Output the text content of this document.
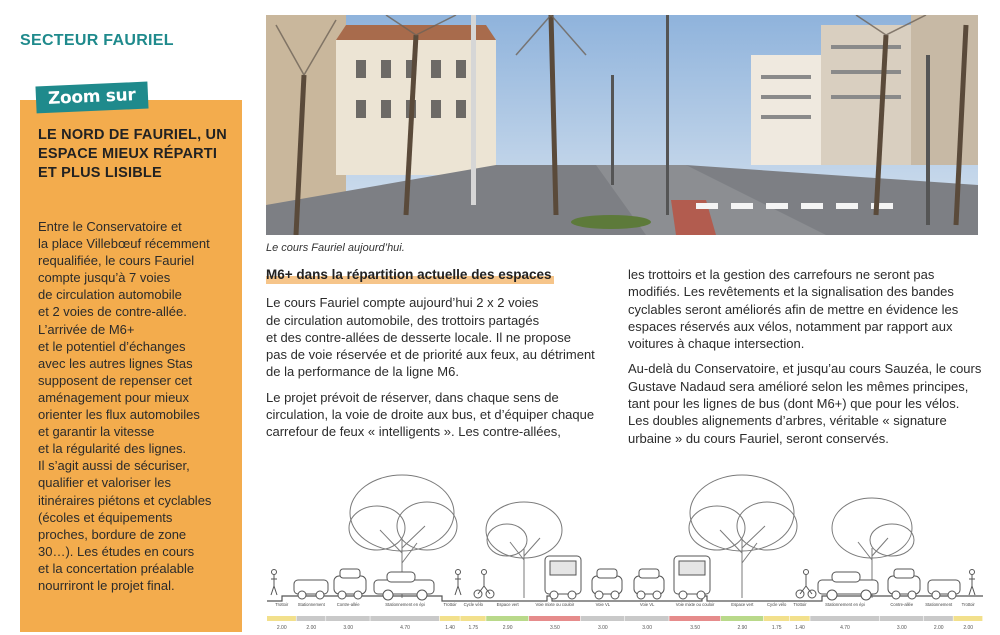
SECTEUR FAURIEL
Zoom sur
LE NORD DE FAURIEL, UN ESPACE MIEUX RÉPARTI ET PLUS LISIBLE
Entre le Conservatoire et
la place Villebœuf récemment
requalifiée, le cours Fauriel
compte jusqu’à 7 voies
de circulation automobile
et 2 voies de contre-allée.
L’arrivée de M6+
et le potentiel d’échanges
avec les autres lignes Stas
supposent de repenser cet
aménagement pour mieux
orienter les flux automobiles
et garantir la vitesse
et la régularité des lignes.
Il s’agit aussi de sécuriser,
qualifier et valoriser les
itinéraires piétons et cyclables
(écoles et équipements
proches, bordure de zone
30…). Les études en cours
et la concertation préalable
nourriront le projet final.
Le cours Fauriel aujourd’hui.
M6+ dans la répartition actuelle des espaces
Le cours Fauriel compte aujourd’hui 2 x 2 voies
de circulation automobile, des trottoirs partagés
et des contre-allées de desserte locale. Il ne propose
pas de voie réservée et de priorité aux feux, au détriment
de la performance de la ligne M6.
Le projet prévoit de réserver, dans chaque sens de
circulation, la voie de droite aux bus, et d’équiper chaque
carrefour de feux « intelligents ». Les contre-allées,
les trottoirs et la gestion des carrefours ne seront pas
modifiés. Les revêtements et la signalisation des bandes
cyclables seront améliorés afin de mettre en évidence les
espaces réservés aux vélos, notamment par rapport aux
voitures à chaque intersection.
Au-delà du Conservatoire, et jusqu’au cours Sauzéa, le cours
Gustave Nadaud sera amélioré selon les mêmes principes,
tant pour les lignes de bus (dont M6+) que pour les vélos.
Les doubles alignements d’arbres, véritable « signature
urbaine » du cours Fauriel, seront conservés.
Trottoir
2.00
Stationnement
2.00
Contre-allée
3.00
Stationnement en épi
4.70
Trottoir
1.40
Cycle vélo
1.75
Espace vert
2.90
Voie mixte ou couloir
3.50
Voie VL
3.00
Voie VL
3.00
Voie mixte ou couloir
3.50
Espace vert
2.90
Cycle vélo
1.75
Trottoir
1.40
Stationnement en épi
4.70
Contre-allée
3.00
Stationnement
2.00
Trottoir
2.00
